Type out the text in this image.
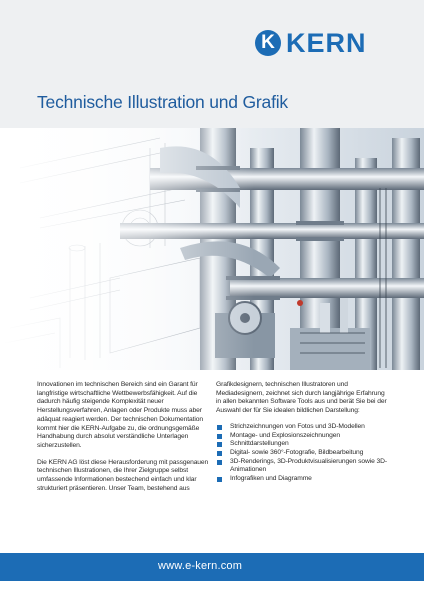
K KERN
Technische Illustration und Grafik

Innovationen im technischen Bereich sind ein Garant für langfristige wirtschaftliche Wettbewerbsfähigkeit. Auf die dadurch häufig steigende Komplexität neuer Herstellungsverfahren, Anlagen oder Produkte muss aber adäquat reagiert werden. Der technischen Dokumentation kommt hier die KERN-Aufgabe zu, die ordnungsgemäße Handhabung durch absolut verständliche Unterlagen sicherzustellen.

Die KERN AG löst diese Herausforderung mit passgenauen technischen Illustrationen, die Ihrer Zielgruppe selbst umfassende Informationen bestechend einfach und klar strukturiert präsentieren. Unser Team, bestehend aus

Grafikdesignern, technischen Illustratoren und Mediadesignern, zeichnet sich durch langjährige Erfahrung in allen bekannten Software Tools aus und berät Sie bei der Auswahl der für Sie idealen bildlichen Darstellung:

Strichzeichnungen von Fotos und 3D-Modellen
Montage- und Explosionszeichnungen
Schnittdarstellungen
Digital- sowie 360°-Fotografie, Bildbearbeitung
3D-Renderings, 3D-Produktvisualisierungen sowie 3D-Animationen
Infografiken und Diagramme
www.e-kern.com
